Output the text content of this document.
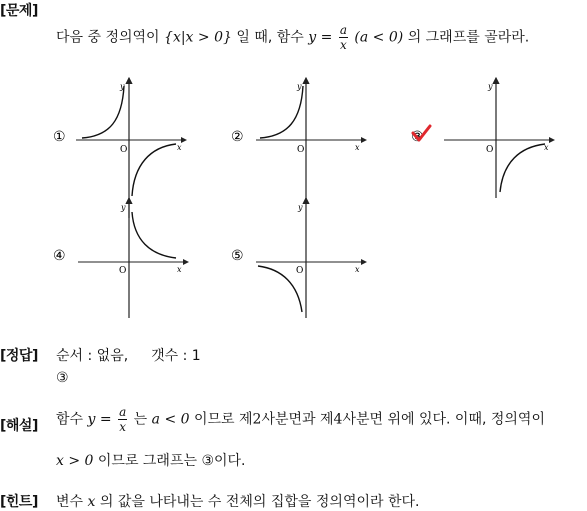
[문제]
다음 중 정의역이 {x|x > 0} 일 때, 함수 $y = \frac{a}{x} (a < 0)$ 의 그래프를 골라라.
①
O	x
y
②
O	x
y
③
O	x
y
④
O	x
y
⑤
O	x
y
[정답] 순서 : 없음, 갯수 : 1
③
[해설] 함수 $y = \frac{a}{x}$ 는 a < 0 이므로 제2사분면과 제4사분면 위에 있다. 이때, 정의역이
x > 0 이므로 그래프는 ③이다.
[힌트] 변수 x 의 값을 나타내는 수 전체의 집합을 정의역이라 한다.
